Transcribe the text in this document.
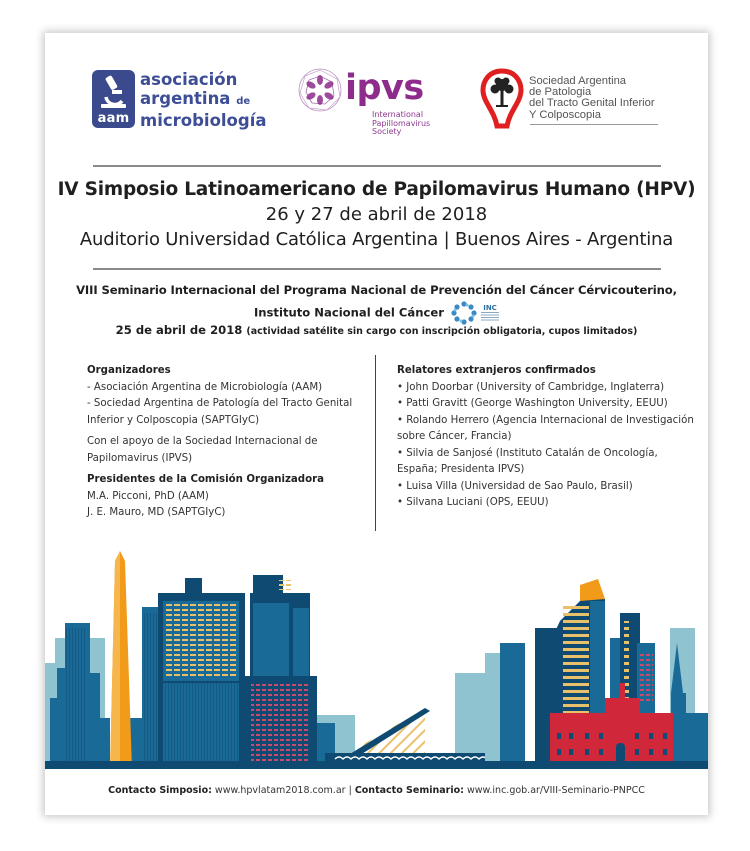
aam
asociación
argentina de
microbiología
ipvs
International
Papillomavirus
Society
Sociedad Argentina
de Patologia
del Tracto Genital Inferior
Y Colposcopia
IV Simposio Latinoamericano de Papilomavirus Humano (HPV)
26 y 27 de abril de 2018
Auditorio Universidad Católica Argentina | Buenos Aires - Argentina
VIII Seminario Internacional del Programa Nacional de Prevención del Cáncer Cérvicouterino,
Instituto Nacional del Cáncer	INC
25 de abril de 2018 (actividad satélite sin cargo con inscripción obligatoria, cupos limitados)
Organizadores
- Asociación Argentina de Microbiología (AAM)
- Sociedad Argentina de Patología del Tracto Genital Inferior y Colposcopia (SAPTGIyC)
Con el apoyo de la Sociedad Internacional de Papilomavirus (IPVS)
Presidentes de la Comisión Organizadora
M.A. Picconi, PhD (AAM)
J. E. Mauro, MD (SAPTGIyC)
Relatores extranjeros confirmados
• John Doorbar (University of Cambridge, Inglaterra)
• Patti Gravitt (George Washington University, EEUU)
• Rolando Herrero (Agencia Internacional de Investigación sobre Cáncer, Francia)
• Silvia de Sanjosé (Instituto Catalán de Oncología, España; Presidenta IPVS)
• Luisa Villa (Universidad de Sao Paulo, Brasil)
• Silvana Luciani (OPS, EEUU)
Contacto Simposio: www.hpvlatam2018.com.ar | Contacto Seminario: www.inc.gob.ar/VIII-Seminario-PNPCC
